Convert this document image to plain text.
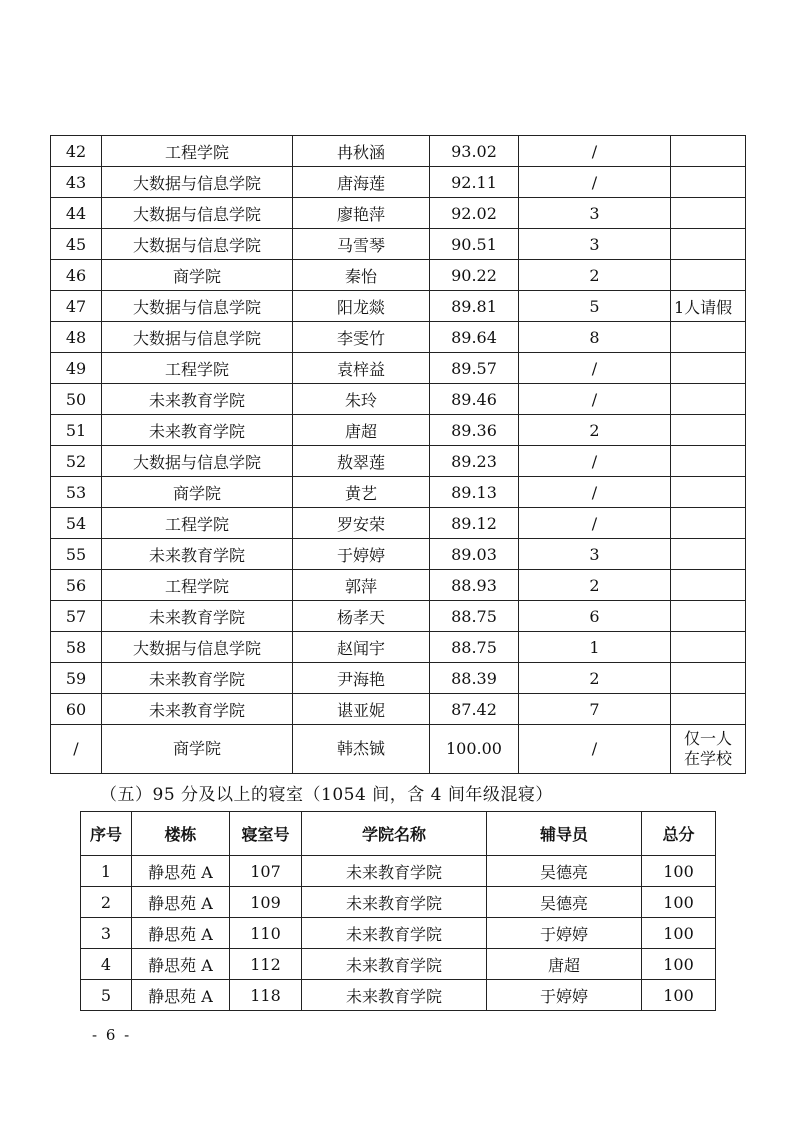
42	工程学院	冉秋涵	93.02	/	
43	大数据与信息学院	唐海莲	92.11	/	
44	大数据与信息学院	廖艳萍	92.02	3	
45	大数据与信息学院	马雪琴	90.51	3	
46	商学院	秦怡	90.22	2	
47	大数据与信息学院	阳龙燚	89.81	5	1人请假
48	大数据与信息学院	李雯竹	89.64	8	
49	工程学院	袁梓益	89.57	/	
50	未来教育学院	朱玲	89.46	/	
51	未来教育学院	唐超	89.36	2	
52	大数据与信息学院	敖翠莲	89.23	/	
53	商学院	黄艺	89.13	/	
54	工程学院	罗安荣	89.12	/	
55	未来教育学院	于婷婷	89.03	3	
56	工程学院	郭萍	88.93	2	
57	未来教育学院	杨孝天	88.75	6	
58	大数据与信息学院	赵闻宇	88.75	1	
59	未来教育学院	尹海艳	88.39	2	
60	未来教育学院	谌亚妮	87.42	7	
/	商学院	韩杰铖	100.00	/	仅一人
在学校
（五）95 分及以上的寝室（1054 间，含 4 间年级混寝）
序号	楼栋	寝室号	学院名称	辅导员	总分
1	静思苑 A	107	未来教育学院	吴德亮	100
2	静思苑 A	109	未来教育学院	吴德亮	100
3	静思苑 A	110	未来教育学院	于婷婷	100
4	静思苑 A	112	未来教育学院	唐超	100
5	静思苑 A	118	未来教育学院	于婷婷	100
- 6 -
